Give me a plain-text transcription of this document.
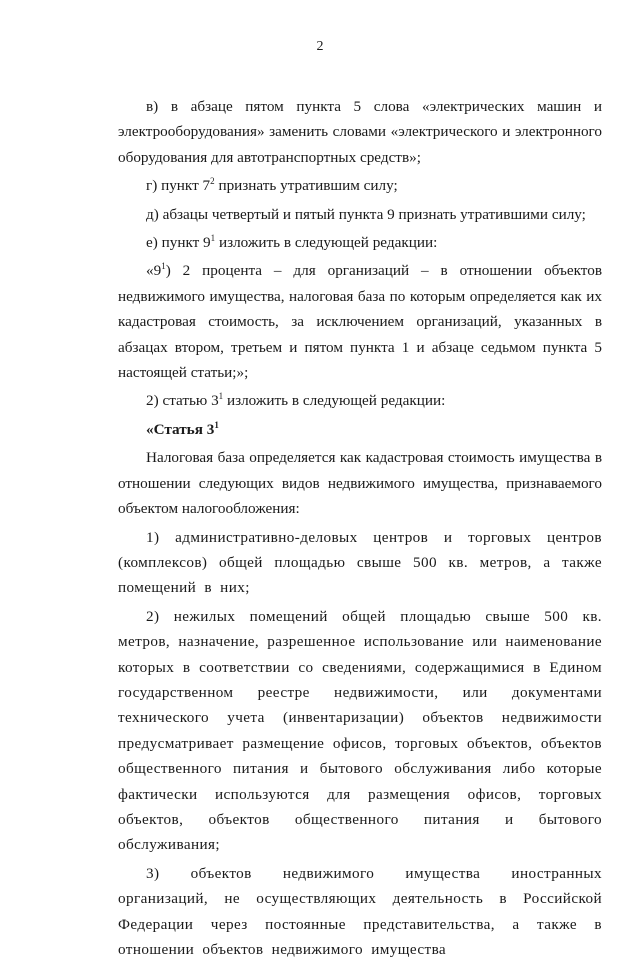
2

в) в абзаце пятом пункта 5 слова «электрических машин и электрооборудования» заменить словами «электрического и электронного оборудования для автотранспортных средств»;

г) пункт $7^2$ признать утратившим силу;

д) абзацы четвертый и пятый пункта 9 признать утратившими силу;

е) пункт $9^1$ изложить в следующей редакции:

«$9^1$) 2 процента – для организаций – в отношении объектов недвижимого имущества, налоговая база по которым определяется как их кадастровая стоимость, за исключением организаций, указанных в абзацах втором, третьем и пятом пункта 1 и абзаце седьмом пункта 5 настоящей статьи;»;

2) статью $3^1$ изложить в следующей редакции:

«Статья $3^1$

Налоговая база определяется как кадастровая стоимость имущества в отношении следующих видов недвижимого имущества, признаваемого объектом налогообложения:

1) административно-деловых центров и торговых центров (комплексов) общей площадью свыше 500 кв. метров, а также помещений в них;

2) нежилых помещений общей площадью свыше 500 кв. метров, назначение, разрешенное использование или наименование которых в соответствии со сведениями, содержащимися в Едином государственном реестре недвижимости, или документами технического учета (инвентаризации) объектов недвижимости предусматривает размещение офисов, торговых объектов, объектов общественного питания и бытового обслуживания либо которые фактически используются для размещения офисов, торговых объектов, объектов общественного питания и бытового обслуживания;

3) объектов недвижимого имущества иностранных организаций, не осуществляющих деятельность в Российской Федерации через постоянные представительства, а также в отношении объектов недвижимого имущества
